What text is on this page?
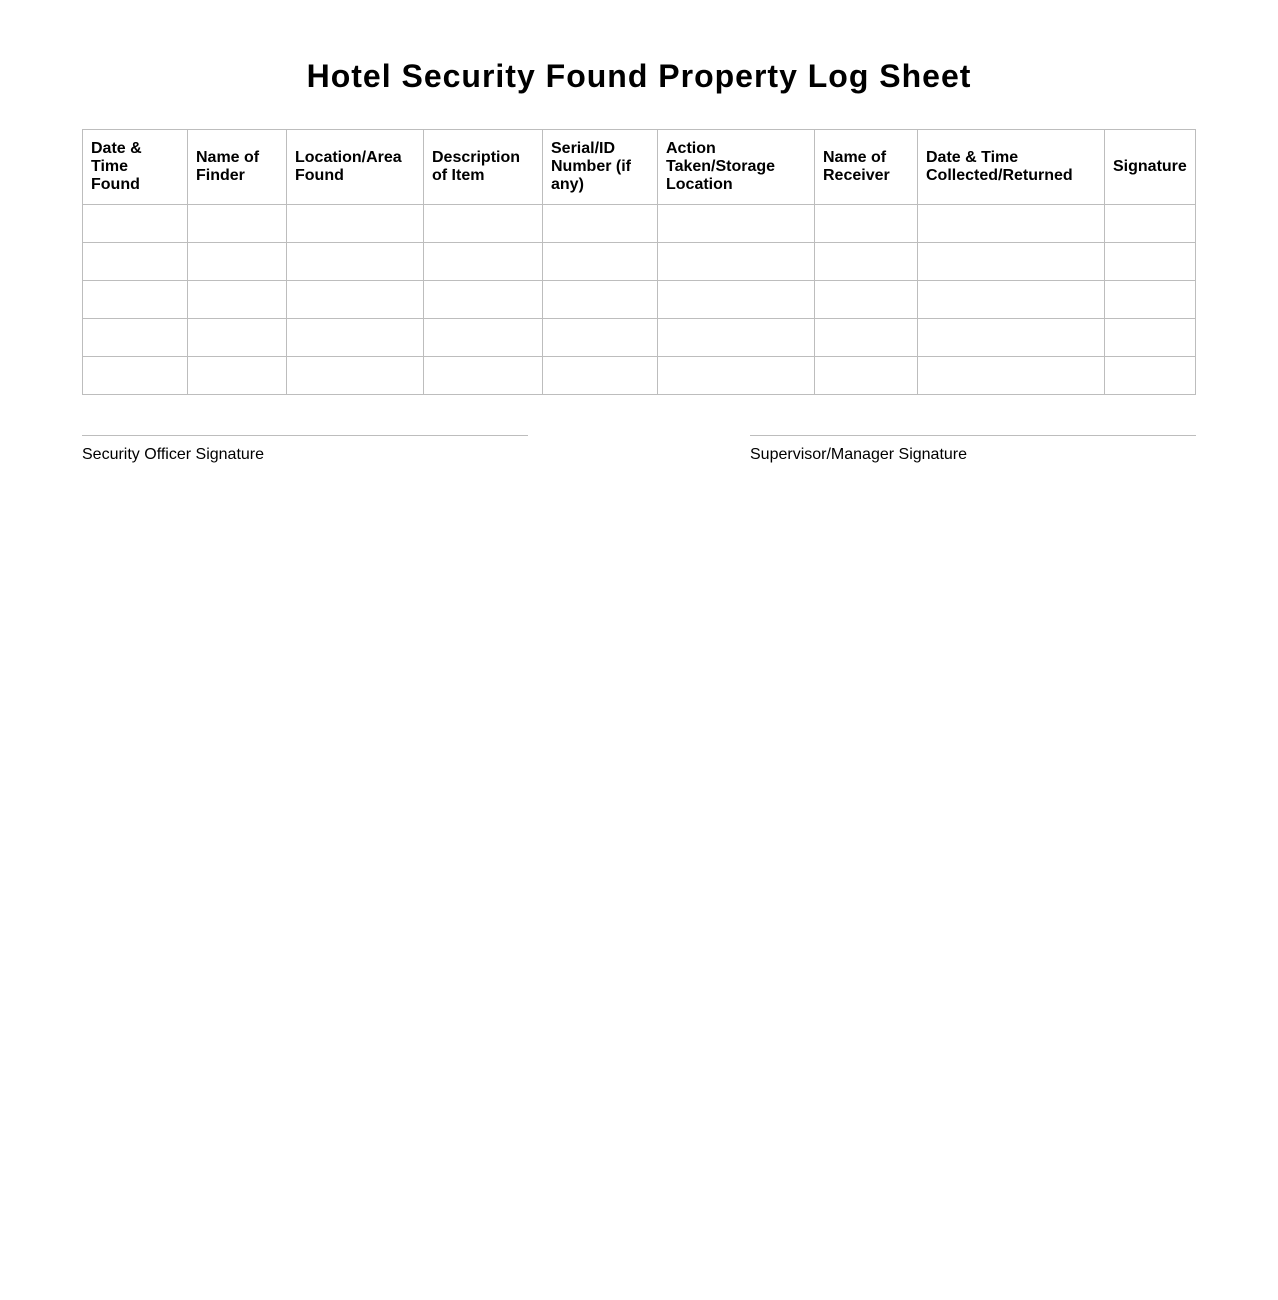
Hotel Security Found Property Log Sheet
Date & Time Found	Name of Finder	Location/Area Found	Description of Item	Serial/ID Number (if any)	Action Taken/Storage Location	Name of Receiver	Date & Time Collected/Returned	Signature

Security Officer Signature	Supervisor/Manager Signature
